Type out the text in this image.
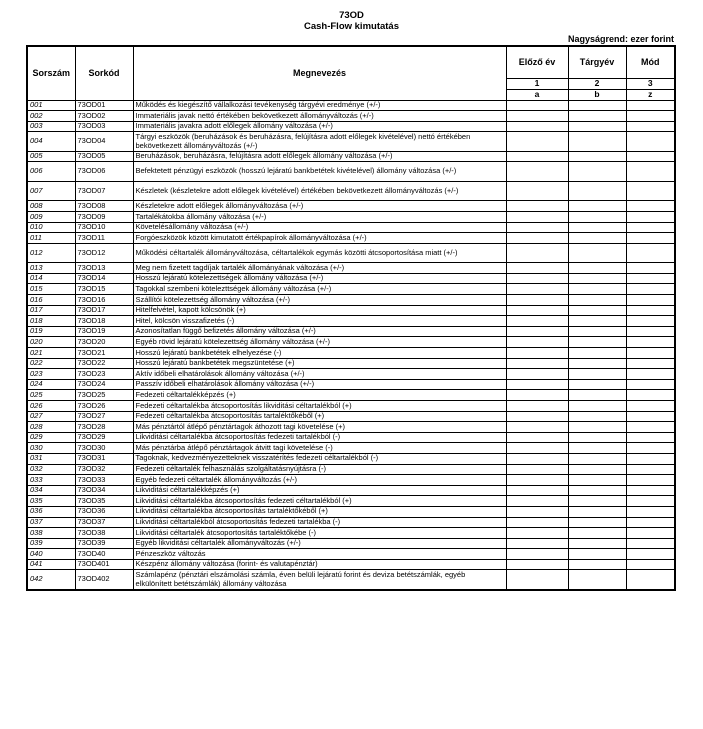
73OD
Cash-Flow kimutatás
Nagyságrend: ezer forint
Sorszám	Sorkód	Megnevezés	Előző év	Tárgyév	Mód
			1	2	3
			a	b	z
001	73OD01	Működés és kiegészítő vállalkozási tevékenység tárgyévi eredménye (+/-)			
002	73OD02	Immateriális javak nettó értékében bekövetkezett állományváltozás (+/-)			
003	73OD03	Immateriális javakra adott előlegek állomány változása (+/-)			
004	73OD04	Tárgyi eszközök (beruházások és beruházásra, felújításra adott előlegek kivételével) nettó értékében bekövetkezett állományváltozás (+/-)			
005	73OD05	Beruházások, beruházásra, felújításra adott előlegek állomány változása (+/-)			
006	73OD06	Befektetett pénzügyi eszközök (hosszú lejáratú bankbetétek kivételével) állomány változása (+/-)			
007	73OD07	Készletek (készletekre adott előlegek kivételével) értékében bekövetkezett állományváltozás (+/-)			
008	73OD08	Készletekre adott előlegek állományváltozása (+/-)			
009	73OD09	Tartalékátokba állomány változása (+/-)			
010	73OD10	Követelésállomány változása (+/-)			
011	73OD11	Forgóeszközök között kimutatott értékpapírok állományváltozása (+/-)			
012	73OD12	Működési céltartalék állományváltozása, céltartalékok egymás közötti átcsoportosítása miatt (+/-)			
013	73OD13	Meg nem fizetett tagdíjak tartalék állományának változása (+/-)			
014	73OD14	Hosszú lejáratú kötelezettségek állomány változása (+/-)			
015	73OD15	Tagokkal szembeni kötelezttségek állomány változása (+/-)			
016	73OD16	Szállítói kötelezettség állomány változása (+/-)			
017	73OD17	Hitelfelvétel, kapott kölcsönök (+)			
018	73OD18	Hitel, kölcsön visszafizetés (-)			
019	73OD19	Azonosítatlan függő befizetés állomány változása (+/-)			
020	73OD20	Egyéb rövid lejáratú kötelezettség állomány változása (+/-)			
021	73OD21	Hosszú lejáratú bankbetétek elhelyezése (-)			
022	73OD22	Hosszú lejáratú bankbetétek megszüntetése (+)			
023	73OD23	Aktív időbeli elhatárolások állomány változása (+/-)			
024	73OD24	Passzív időbeli elhatárolások állomány változása (+/-)			
025	73OD25	Fedezeti céltartalékképzés (+)			
026	73OD26	Fedezeti céltartalékba átcsoportosítás likviditási céltartalékból (+)			
027	73OD27	Fedezeti céltartalékba átcsoportosítás tartaléktőkéből (+)			
028	73OD28	Más pénztártól átlépő pénztártagok áthozott tagi követelése (+)			
029	73OD29	Likviditási céltartalékba átcsoportosítás fedezeti tartalékból (-)			
030	73OD30	Más pénztárba átlépő pénztártagok átvitt tagi követelése (-)			
031	73OD31	Tagoknak, kedvezményezetteknek visszatérítés fedezeti céltartalékból (-)			
032	73OD32	Fedezeti céltartalék felhasználás szolgáltatásnyújtásra (-)			
033	73OD33	Egyéb fedezeti céltartalék állományváltozás (+/-)			
034	73OD34	Likviditási céltartalékképzés (+)			
035	73OD35	Likviditási céltartalékba átcsoportosítás fedezeti céltartalékból (+)			
036	73OD36	Likviditási céltartalékba átcsoportosítás tartaléktőkéből (+)			
037	73OD37	Likviditási céltartalékból átcsoportosítás fedezeti tartalékba (-)			
038	73OD38	Likviditási céltartalék átcsoportosítás tartaléktőkébe (-)			
039	73OD39	Egyéb likviditási céltartalék állományváltozás (+/-)			
040	73OD40	Pénzeszköz változás			
041	73OD401	Készpénz állomány változása (forint- és valutapénztár)			
042	73OD402	Számlapénz (pénztári elszámolási számla, éven belüli lejáratú forint és deviza betétszámlák, egyéb elkülönített betétszámlák) állomány változása			
